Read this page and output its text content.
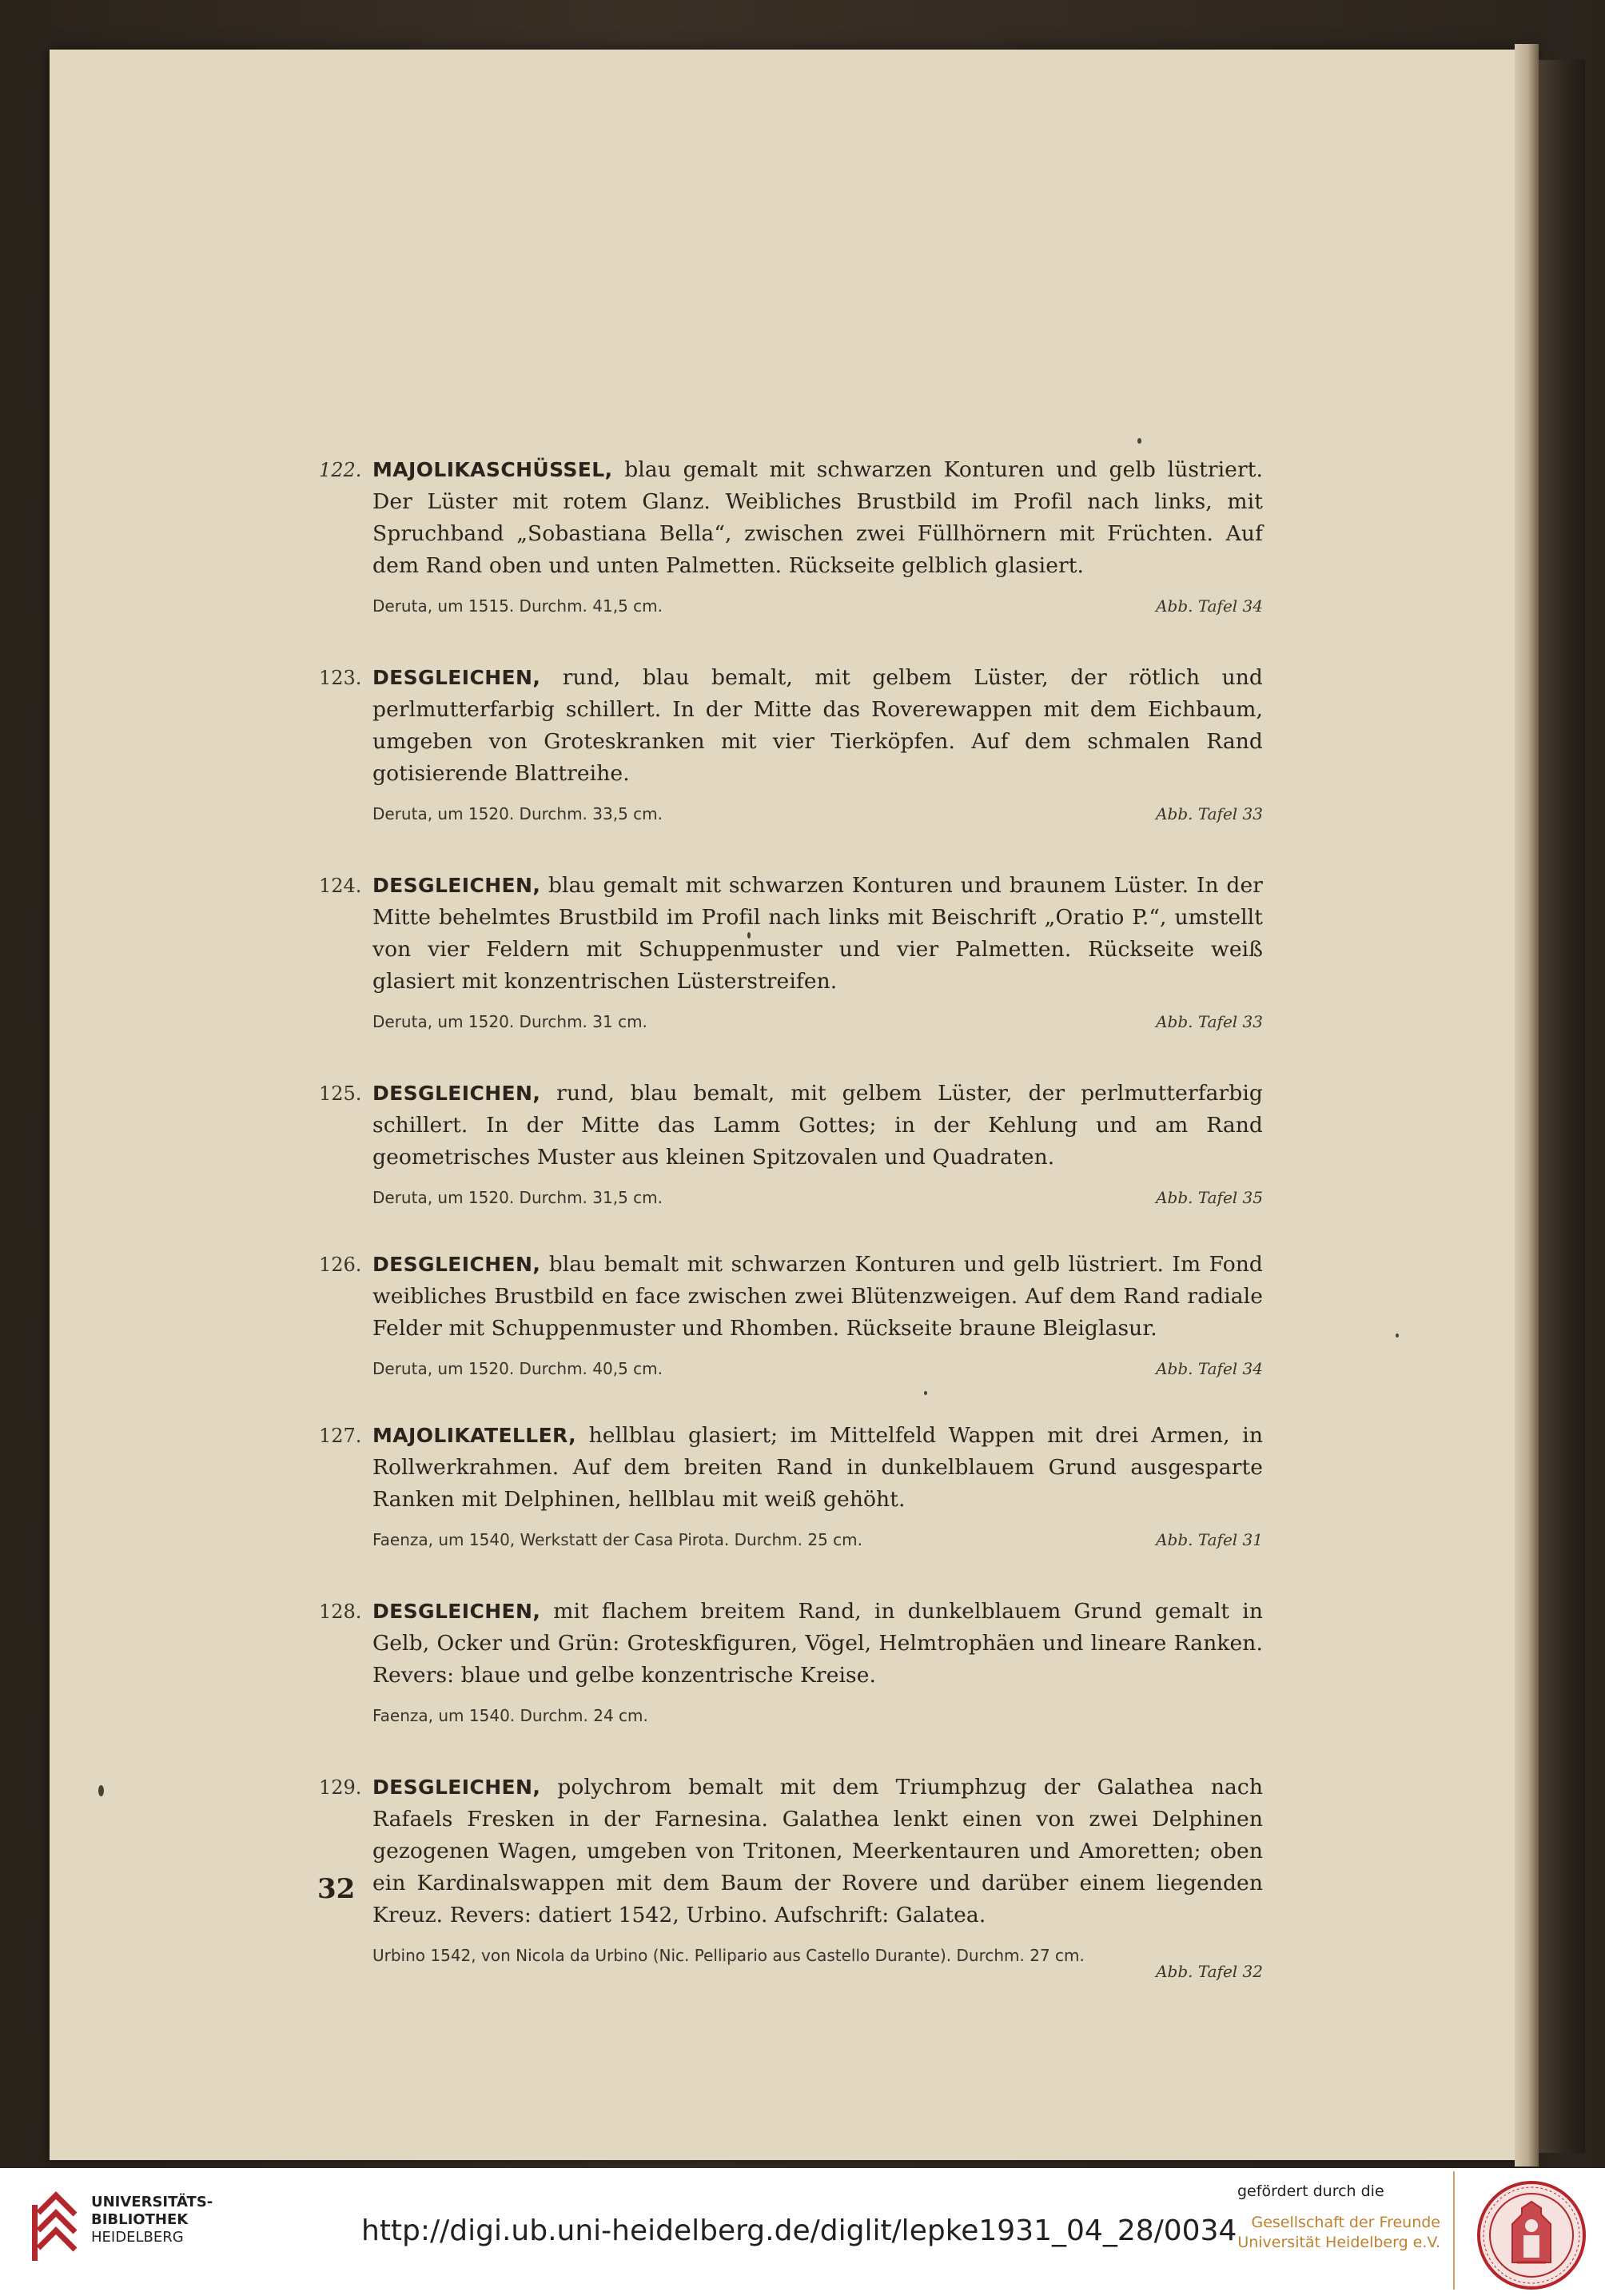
122. MAJOLIKASCHÜSSEL, blau gemalt mit schwarzen Konturen und gelb lüstriert. Der Lüster mit rotem Glanz. Weibliches Brustbild im Profil nach links, mit Spruchband „Sobastiana Bella“, zwischen zwei Füllhörnern mit Früchten. Auf dem Rand oben und unten Palmetten. Rückseite gelblich glasiert.
Deruta, um 1515. Durchm. 41,5 cm.	Abb. Tafel 34
123. DESGLEICHEN, rund, blau bemalt, mit gelbem Lüster, der rötlich und perlmutterfarbig schillert. In der Mitte das Roverewappen mit dem Eichbaum, umgeben von Groteskranken mit vier Tierköpfen. Auf dem schmalen Rand gotisierende Blattreihe.
Deruta, um 1520. Durchm. 33,5 cm.	Abb. Tafel 33
124. DESGLEICHEN, blau gemalt mit schwarzen Konturen und braunem Lüster. In der Mitte behelmtes Brustbild im Profil nach links mit Beischrift „Oratio P.“, umstellt von vier Feldern mit Schuppenmuster und vier Palmetten. Rückseite weiß glasiert mit konzentrischen Lüsterstreifen.
Deruta, um 1520. Durchm. 31 cm.	Abb. Tafel 33
125. DESGLEICHEN, rund, blau bemalt, mit gelbem Lüster, der perlmutterfarbig schillert. In der Mitte das Lamm Gottes; in der Kehlung und am Rand geometrisches Muster aus kleinen Spitzovalen und Quadraten.
Deruta, um 1520. Durchm. 31,5 cm.	Abb. Tafel 35
126. DESGLEICHEN, blau bemalt mit schwarzen Konturen und gelb lüstriert. Im Fond weibliches Brustbild en face zwischen zwei Blütenzweigen. Auf dem Rand radiale Felder mit Schuppenmuster und Rhomben. Rückseite braune Bleiglasur.
Deruta, um 1520. Durchm. 40,5 cm.	Abb. Tafel 34
127. MAJOLIKATELLER, hellblau glasiert; im Mittelfeld Wappen mit drei Armen, in Rollwerkrahmen. Auf dem breiten Rand in dunkelblauem Grund ausgesparte Ranken mit Delphinen, hellblau mit weiß gehöht.
Faenza, um 1540, Werkstatt der Casa Pirota. Durchm. 25 cm.	Abb. Tafel 31
128. DESGLEICHEN, mit flachem breitem Rand, in dunkelblauem Grund gemalt in Gelb, Ocker und Grün: Groteskfiguren, Vögel, Helmtrophäen und lineare Ranken. Revers: blaue und gelbe konzentrische Kreise.
Faenza, um 1540. Durchm. 24 cm.
129. DESGLEICHEN, polychrom bemalt mit dem Triumphzug der Galathea nach Rafaels Fresken in der Farnesina. Galathea lenkt einen von zwei Delphinen gezogenen Wagen, umgeben von Tritonen, Meerkentauren und Amoretten; oben ein Kardinalswappen mit dem Baum der Rovere und darüber einem liegenden Kreuz. Revers: datiert 1542, Urbino. Aufschrift: Galatea.
Urbino 1542, von Nicola da Urbino (Nic. Pellipario aus Castello Durante). Durchm. 27 cm.
Abb. Tafel 32
32
UNIVERSITÄTS-
BIBLIOTHEK
HEIDELBERG	http://digi.ub.uni-heidelberg.de/diglit/lepke1931_04_28/0034
gefördert durch die
Gesellschaft der Freunde
Universität Heidelberg e.V.
